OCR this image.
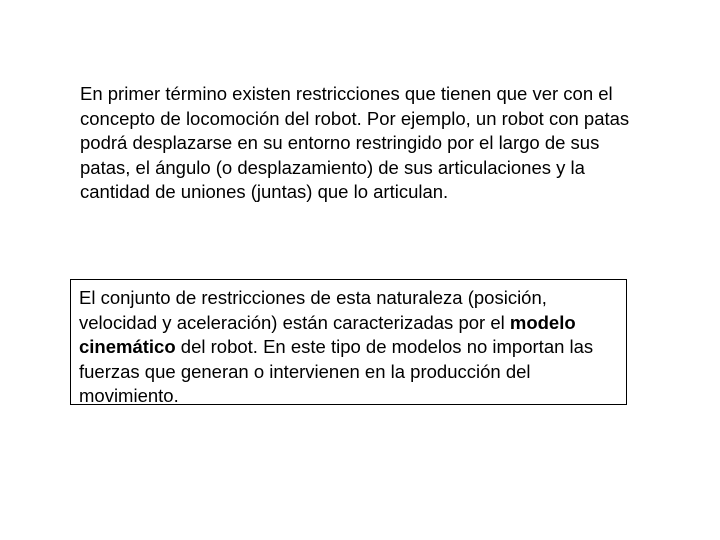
En primer término existen restricciones que tienen que ver con el concepto de locomoción del robot. Por ejemplo, un robot con patas podrá desplazarse en su entorno restringido por el largo de sus patas, el ángulo (o desplazamiento) de sus articulaciones y la cantidad de uniones (juntas) que lo articulan.

El conjunto de restricciones de esta naturaleza (posición, velocidad y aceleración) están caracterizadas por el modelo cinemático del robot. En este tipo de modelos no importan las fuerzas que generan o intervienen en la producción del movimiento.
